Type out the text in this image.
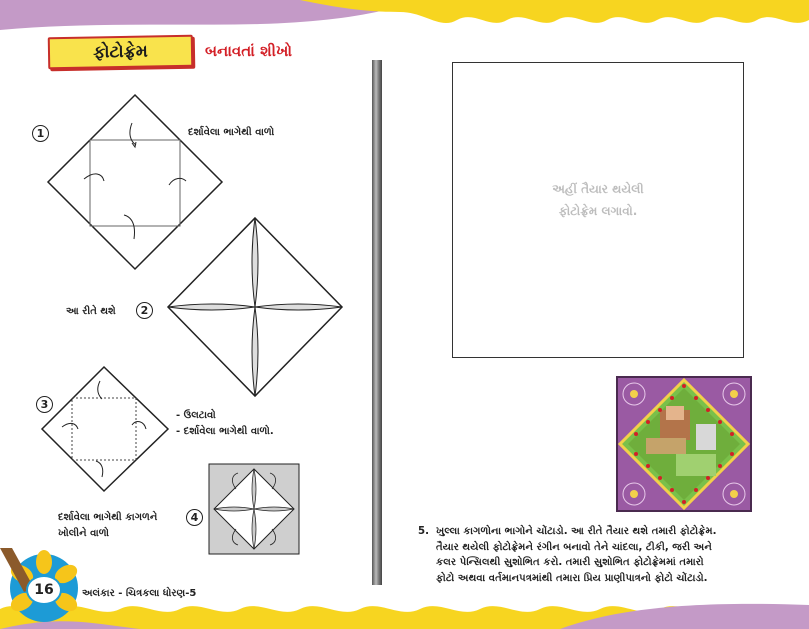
ફોટોફ્રેમ	બનાવતાં શીખો
1	દર્શાવેલા ભાગેથી વાળો
આ રીતે થશે	2
3
- ઉલટાવો
- દર્શાવેલા ભાગેથી વાળો.
દર્શાવેલા ભાગેથી કાગળને
ખોલીને વાળો
4
અહીં તૈયાર થયેલી
ફોટોફ્રેમ લગાવો.
5. ખુલ્લા કાગળોના ભાગોને ચોંટાડો. આ રીતે તૈયાર થશે તમારી ફોટોફ્રેમ.
તૈયાર થયેલી ફોટોફ્રેમને રંગીન બનાવો તેને ચાંદલા, ટીકી, જરી અને
કલર પેન્સિલથી સુશોભિત કરો. તમારી સુશોભિત ફોટોફ્રેમમાં તમારો
ફોટો અથવા વર્તમાનપત્રમાંથી તમારા પ્રિય પ્રાણીપાત્રનો ફોટો ચોંટાડો.
16	અલંકાર - ચિત્રકલા ધોરણ-5
